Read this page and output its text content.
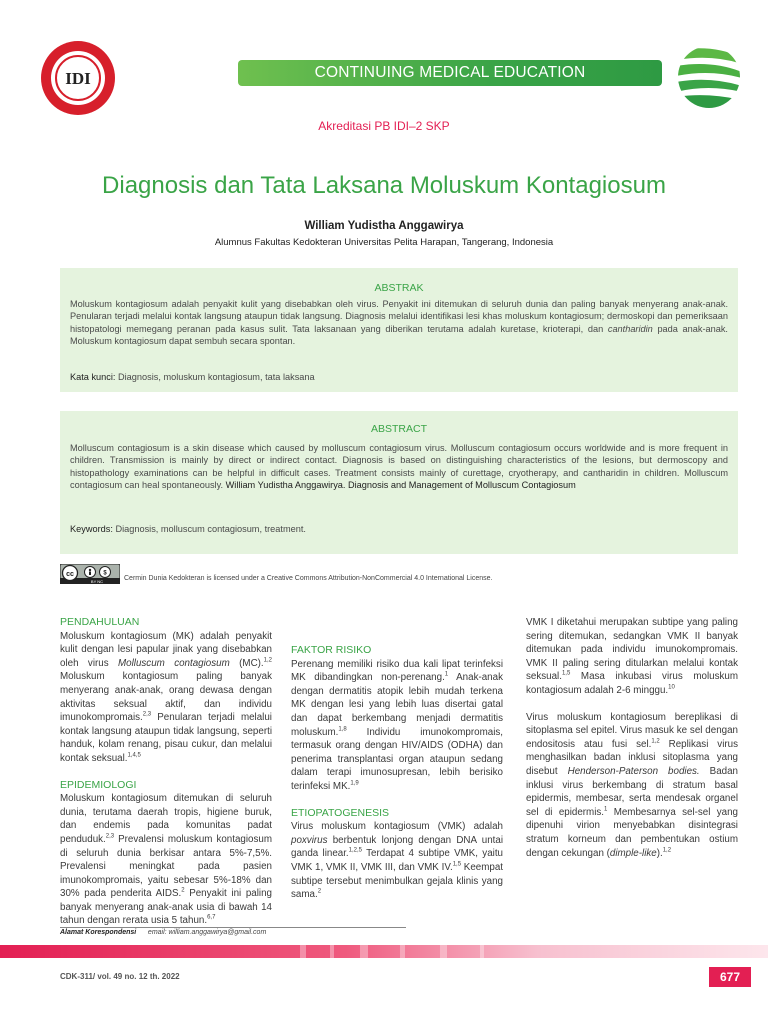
IDI	CONTINUING MEDICAL EDUCATION
Akreditasi PB IDI–2 SKP
Diagnosis dan Tata Laksana Moluskum Kontagiosum
William Yudistha Anggawirya
Alumnus Fakultas Kedokteran Universitas Pelita Harapan, Tangerang, Indonesia
ABSTRAK
Moluskum kontagiosum adalah penyakit kulit yang disebabkan oleh virus. Penyakit ini ditemukan di seluruh dunia dan paling banyak menyerang anak-anak. Penularan terjadi melalui kontak langsung ataupun tidak langsung. Diagnosis melalui identifikasi lesi khas moluskum kontagiosum; dermoskopi dan pemeriksaan histopatologi memegang peranan pada kasus sulit. Tata laksanaan yang diberikan terutama adalah kuretase, krioterapi, dan cantharidin pada anak-anak. Moluskum kontagiosum dapat sembuh secara spontan.
Kata kunci: Diagnosis, moluskum kontagiosum, tata laksana
ABSTRACT
Molluscum contagiosum is a skin disease which caused by molluscum contagiosum virus. Molluscum contagiosum occurs worldwide and is more frequent in children. Transmission is mainly by direct or indirect contact. Diagnosis is based on distinguishing characteristics of the lesions, but dermoscopy and histopathology examinations can be helpful in difficult cases. Treatment consists mainly of curettage, cryotherapy, and cantharidin in children. Molluscum contagiosum can heal spontaneously. William Yudistha Anggawirya. Diagnosis and Management of Molluscum Contagiosum
Keywords: Diagnosis, molluscum contagiosum, treatment.
cc	$
BY NC	Cermin Dunia Kedokteran is licensed under a Creative Commons Attribution-NonCommercial 4.0 International License.

PENDAHULUAN

Moluskum kontagiosum (MK) adalah penyakit kulit dengan lesi papular jinak yang disebabkan oleh virus Molluscum contagiosum (MC).$^{1,2}$ Moluskum kontagiosum paling banyak menyerang anak-anak, orang dewasa dengan aktivitas seksual aktif, dan individu imunokompromais.$^{2,3}$ Penularan terjadi melalui kontak langsung ataupun tidak langsung, seperti handuk, kolam renang, pisau cukur, dan melalui kontak seksual.$^{1,4,5}$

EPIDEMIOLOGI

Moluskum kontagiosum ditemukan di seluruh dunia, terutama daerah tropis, higiene buruk, dan endemis pada komunitas padat penduduk.$^{2,3}$ Prevalensi moluskum kontagiosum di seluruh dunia berkisar antara 5%-7,5%. Prevalensi meningkat pada pasien imunokompromais, yaitu sebesar 5%-18% dan 30% pada penderita AIDS.$^2$ Penyakit ini paling banyak menyerang anak-anak usia di bawah 14 tahun dengan rerata usia 5 tahun.$^{6,7}$

FAKTOR RISIKO

Perenang memiliki risiko dua kali lipat terinfeksi MK dibandingkan non-perenang.$^1$ Anak-anak dengan dermatitis atopik lebih mudah terkena MK dengan lesi yang lebih luas disertai gatal dan dapat berkembang menjadi dermatitis moluskum.$^{1,8}$ Individu imunokompromais, termasuk orang dengan HIV/AIDS (ODHA) dan penerima transplantasi organ ataupun sedang dalam terapi imunosupresan, lebih berisiko terinfeksi MK.$^{1,9}$

ETIOPATOGENESIS

Virus moluskum kontagiosum (VMK) adalah poxvirus berbentuk lonjong dengan DNA untai ganda linear.$^{1,2,5}$ Terdapat 4 subtipe VMK, yaitu VMK 1, VMK II, VMK III, dan VMK IV.$^{1,5}$ Keempat subtipe tersebut menimbulkan gejala klinis yang sama.$^2$

VMK I diketahui merupakan subtipe yang paling sering ditemukan, sedangkan VMK II banyak ditemukan pada individu imunokompromais. VMK II paling sering ditularkan melalui kontak seksual.$^{1,5}$ Masa inkubasi virus moluskum kontagiosum adalah 2-6 minggu.$^{10}$

Virus moluskum kontagiosum bereplikasi di sitoplasma sel epitel. Virus masuk ke sel dengan endositosis atau fusi sel.$^{1,2}$ Replikasi virus menghasilkan badan inklusi sitoplasma yang disebut Henderson-Paterson bodies. Badan inklusi virus berkembang di stratum basal epidermis, membesar, serta mendesak organel sel di epidermis.$^1$ Membesarnya sel-sel yang dipenuhi virion menyebabkan disintegrasi stratum korneum dan pembentukan ostium dengan cekungan (dimple-like).$^{1,2}$

Alamat Korespondensi email: william.anggawirya@gmail.com
CDK-311/ vol. 49 no. 12 th. 2022	677
